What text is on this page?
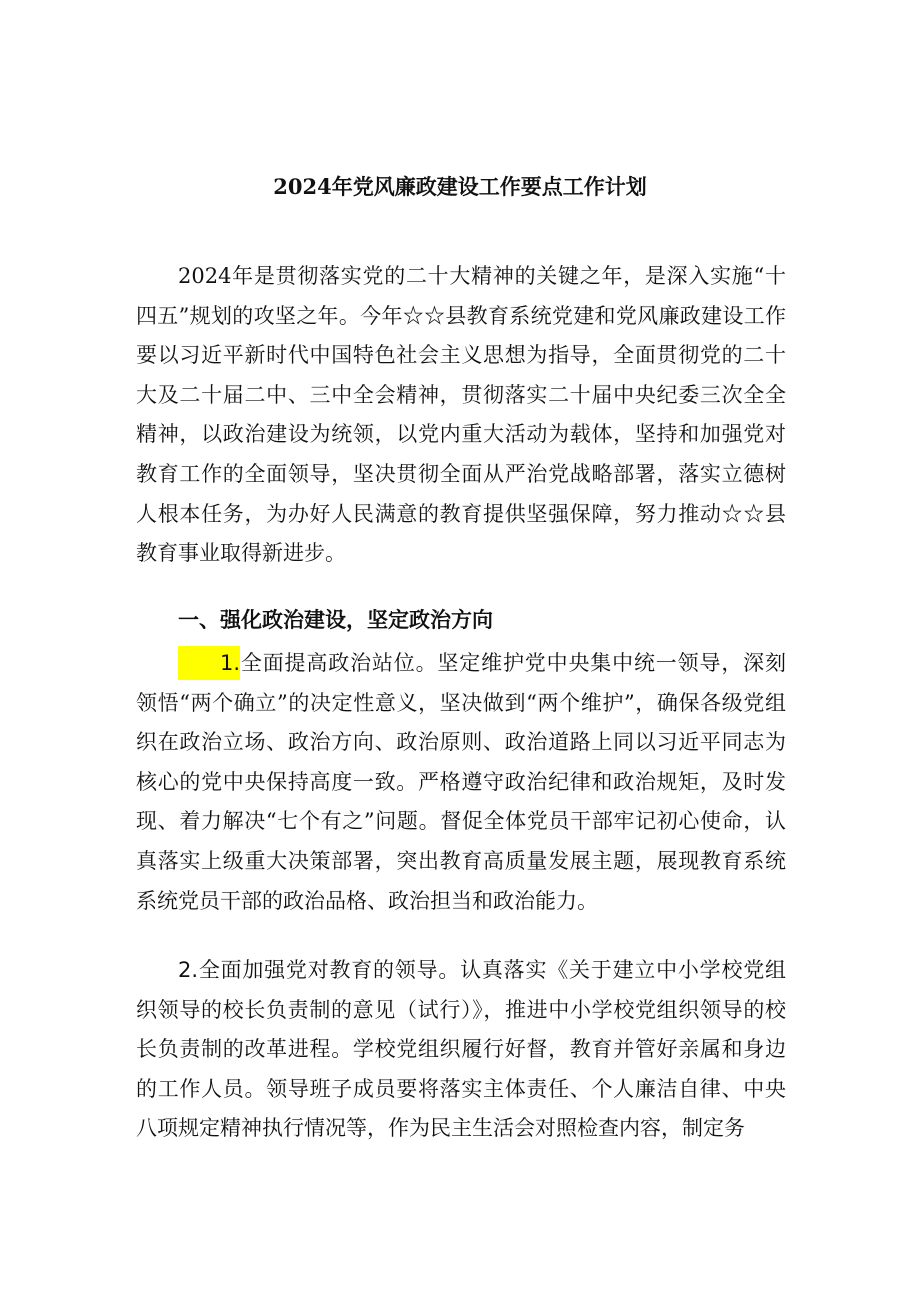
2024年党风廉政建设工作要点工作计划

2024年是贯彻落实党的二十大精神的关键之年，是深入实施“十四五”规划的攻坚之年。今年☆☆县教育系统党建和党风廉政建设工作要以习近平新时代中国特色社会主义思想为指导，全面贯彻党的二十大及二十届二中、三中全会精神，贯彻落实二十届中央纪委三次全全精神，以政治建设为统领，以党内重大活动为载体，坚持和加强党对教育工作的全面领导，坚决贯彻全面从严治党战略部署，落实立德树人根本任务，为办好人民满意的教育提供坚强保障，努力推动☆☆县教育事业取得新进步。

一、强化政治建设，坚定政治方向

1.全面提高政治站位。坚定维护党中央集中统一领导，深刻领悟“两个确立”的决定性意义，坚决做到“两个维护”，确保各级党组织在政治立场、政治方向、政治原则、政治道路上同以习近平同志为核心的党中央保持高度一致。严格遵守政治纪律和政治规矩，及时发现、着力解决“七个有之”问题。督促全体党员干部牢记初心使命，认真落实上级重大决策部署，突出教育高质量发展主题，展现教育系统系统党员干部的政治品格、政治担当和政治能力。

2.全面加强党对教育的领导。认真落实《关于建立中小学校党组织领导的校长负责制的意见（试行）》，推进中小学校党组织领导的校长负责制的改革进程。学校党组织履行好督，教育并管好亲属和身边的工作人员。领导班子成员要将落实主体责任、个人廉洁自律、中央八项规定精神执行情况等，作为民主生活会对照检查内容，制定务
